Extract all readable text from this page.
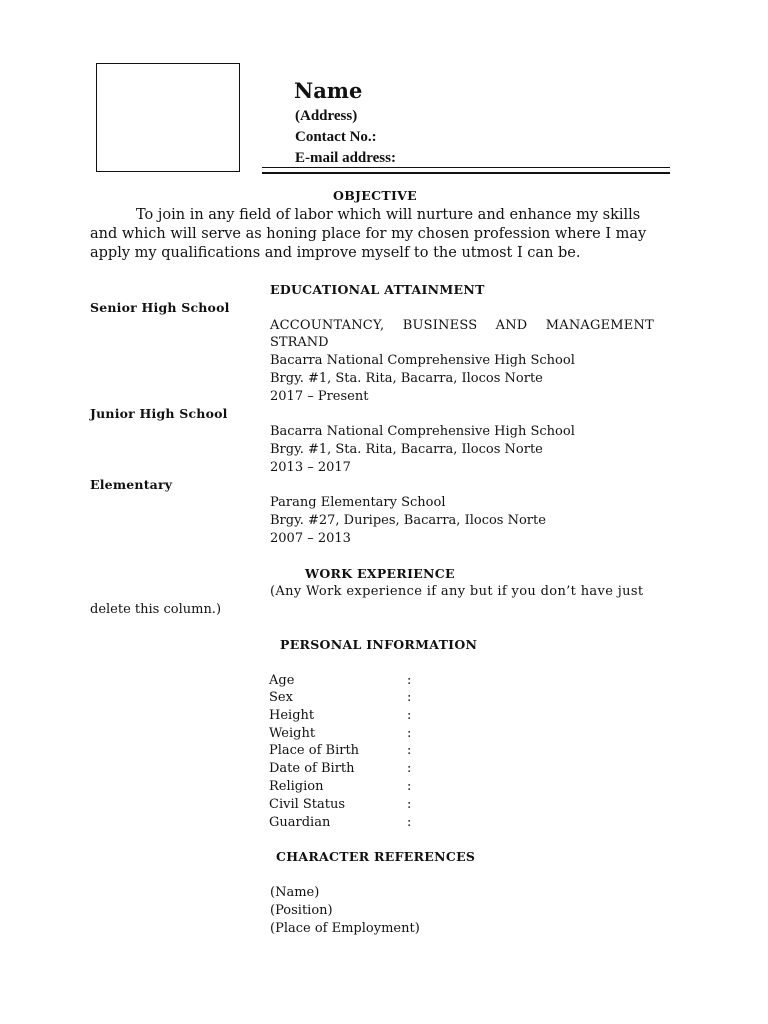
Name
(Address)
Contact No.:
E-mail address:
OBJECTIVE
To join in any field of labor which will nurture and enhance my skills
and which will serve as honing place for my chosen profession where I may
apply my qualifications and improve myself to the utmost I can be.
EDUCATIONAL ATTAINMENT
Senior High School
ACCOUNTANCY, BUSINESS AND MANAGEMENT
STRAND
Bacarra National Comprehensive High School
Brgy. #1, Sta. Rita, Bacarra, Ilocos Norte
2017 – Present
Junior High School
Bacarra National Comprehensive High School
Brgy. #1, Sta. Rita, Bacarra, Ilocos Norte
2013 – 2017
Elementary
Parang Elementary School
Brgy. #27, Duripes, Bacarra, Ilocos Norte
2007 – 2013
WORK EXPERIENCE
(Any Work experience if any but if you don’t have just
delete this column.)
PERSONAL INFORMATION
Age	:
Sex	:
Height	:
Weight	:
Place of Birth	:
Date of Birth	:
Religion	:
Civil Status	:
Guardian	:
CHARACTER REFERENCES
(Name)
(Position)
(Place of Employment)
